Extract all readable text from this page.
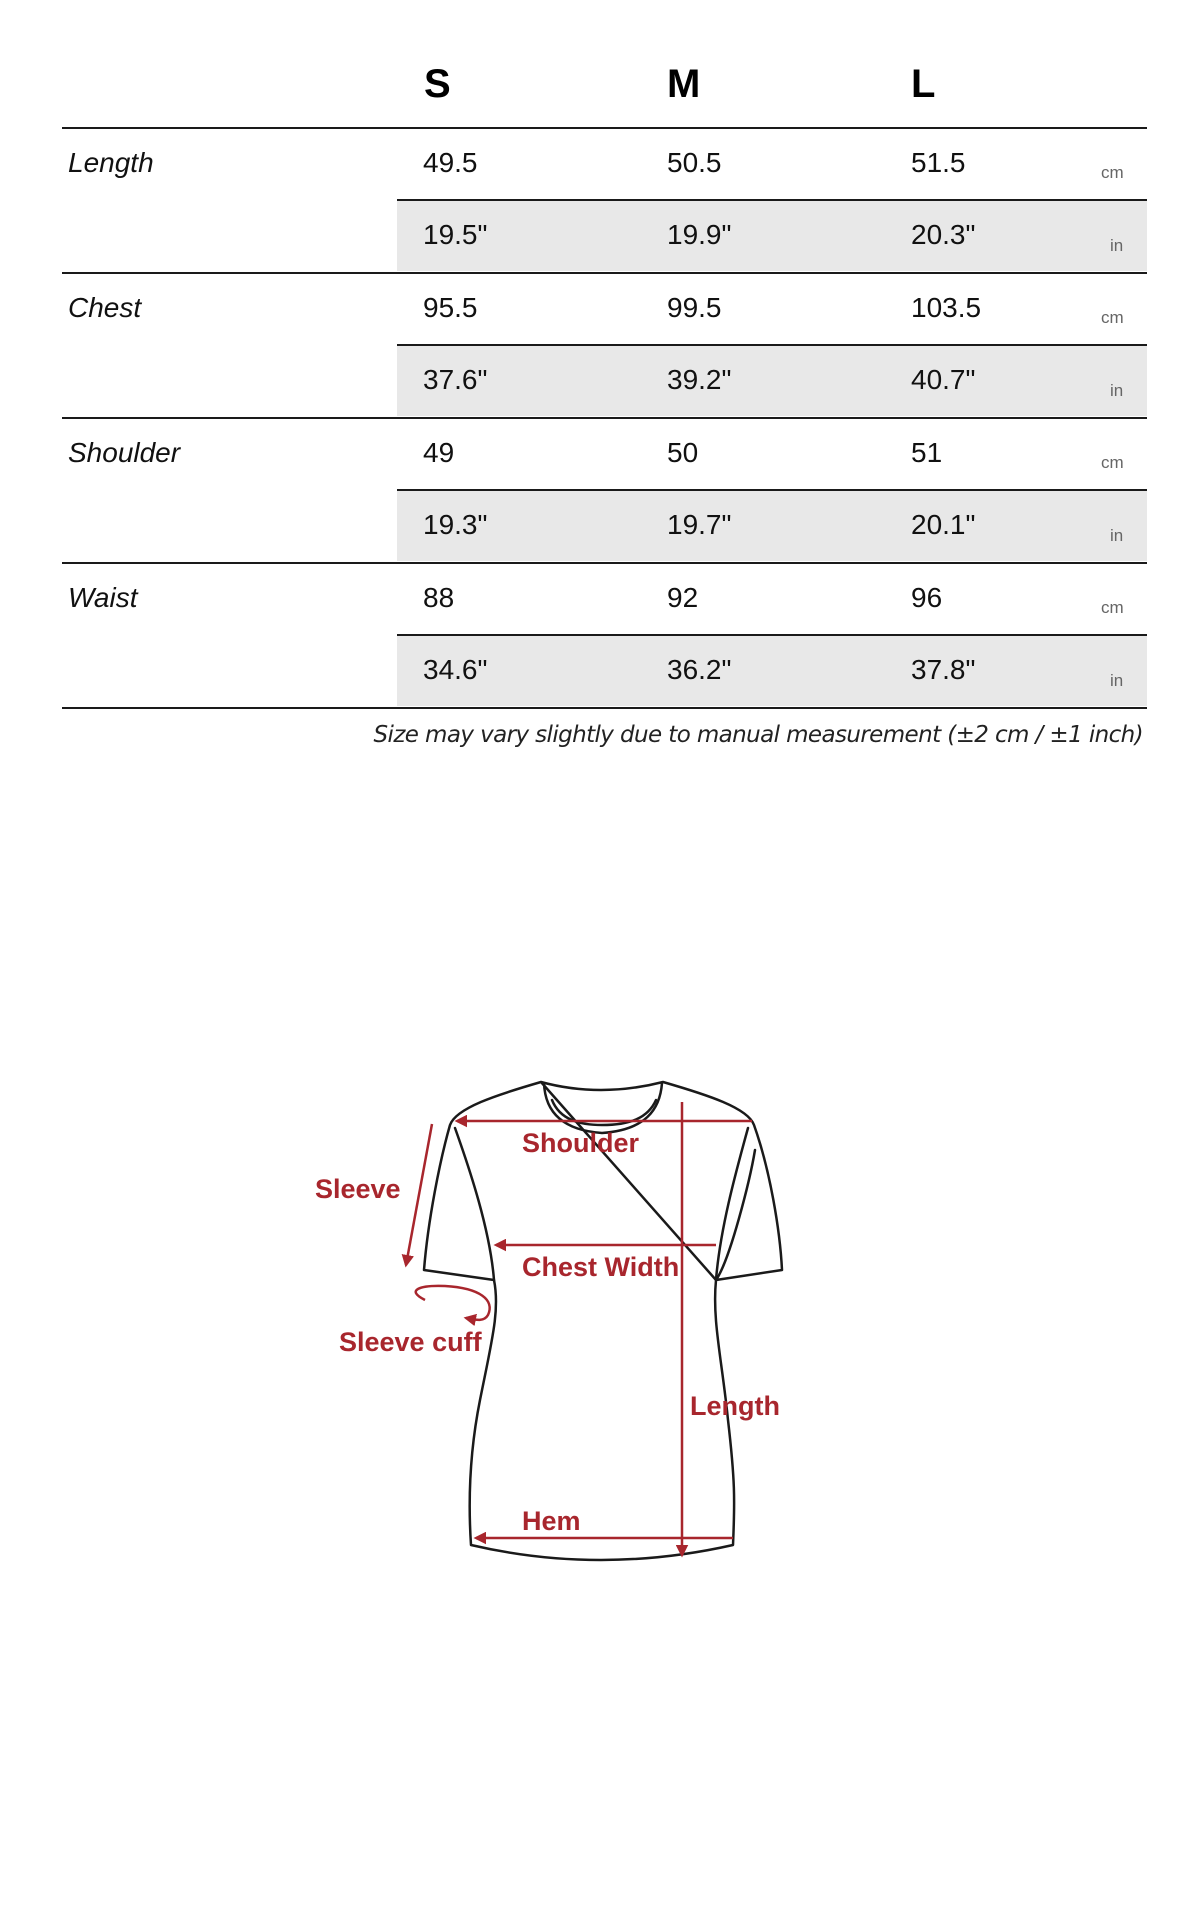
S	M	L
Length	49.5	50.5	51.5	cm
19.5"	19.9"	20.3"	in
Chest	95.5	99.5	103.5	cm
37.6"	39.2"	40.7"	in
Shoulder	49	50	51	cm
19.3"	19.7"	20.1"	in
Waist	88	92	96	cm
34.6"	36.2"	37.8"	in
Size may vary slightly due to manual measurement (±2 cm / ±1 inch)
Shoulder
Sleeve
Chest Width
Sleeve cuff
Length
Hem
